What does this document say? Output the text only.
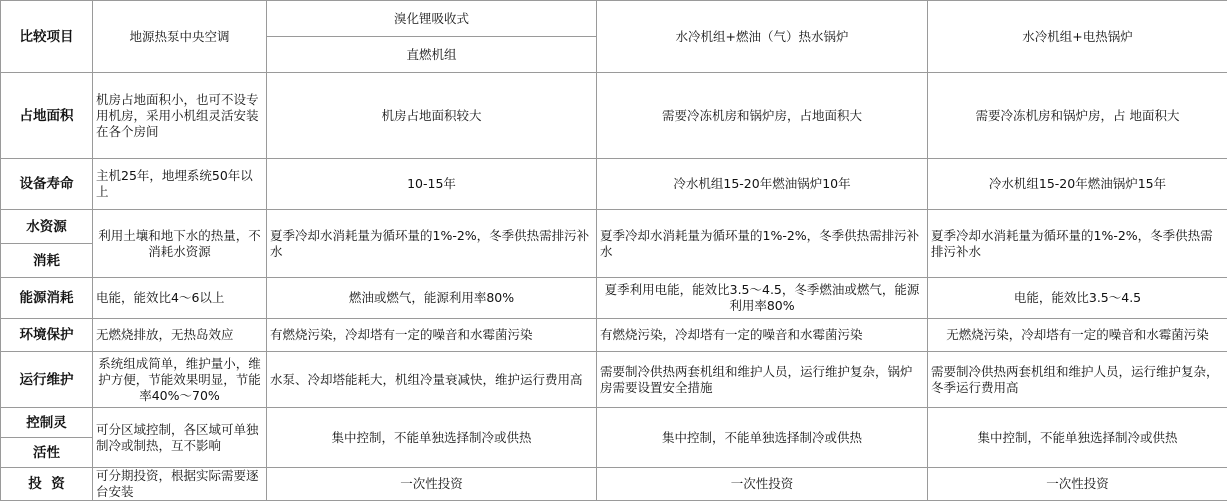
比较项目	地源热泵中央空调	溴化锂吸收式	水冷机组+燃油（气）热水锅炉	水冷机组+电热锅炉
		直燃机组		
占地面积	机房占地面积小，也可不设专用机房，采用小机组灵活安装在各个房间	机房占地面积较大	需要冷冻机房和锅炉房，占地面积大	需要冷冻机房和锅炉房，占 地面积大
设备寿命	主机25年，地埋系统50年以上	10-15年	冷水机组15-20年燃油锅炉10年	冷水机组15-20年燃油锅炉15年
水资源	利用土壤和地下水的热量，不消耗水资源	夏季冷却水消耗量为循环量的1%-2%，冬季供热需排污补水	夏季冷却水消耗量为循环量的1%-2%，冬季供热需排污补水	夏季冷却水消耗量为循环量的1%-2%，冬季供热需排污补水
消耗				
能源消耗	电能，能效比4～6以上	燃油或燃气，能源利用率80%	夏季利用电能，能效比3.5～4.5，冬季燃油或燃气，能源利用率80%	电能，能效比3.5～4.5
环境保护	无燃烧排放，无热岛效应	有燃烧污染，冷却塔有一定的噪音和水霉菌污染	有燃烧污染，冷却塔有一定的噪音和水霉菌污染	无燃烧污染，冷却塔有一定的噪音和水霉菌污染
运行维护	系统组成简单，维护量小，维护方便，节能效果明显，节能率40%～70%	水泵、冷却塔能耗大，机组冷量衰减快，维护运行费用高	需要制冷供热两套机组和维护人员，运行维护复杂，锅炉房需要设置安全措施	需要制冷供热两套机组和维护人员，运行维护复杂，冬季运行费用高
控制灵	可分区域控制，各区域可单独制冷或制热，互不影响	集中控制，不能单独选择制冷或供热	集中控制，不能单独选择制冷或供热	集中控制，不能单独选择制冷或供热
活性				
投  资	可分期投资，根据实际需要逐台安装	一次性投资	一次性投资	一次性投资
